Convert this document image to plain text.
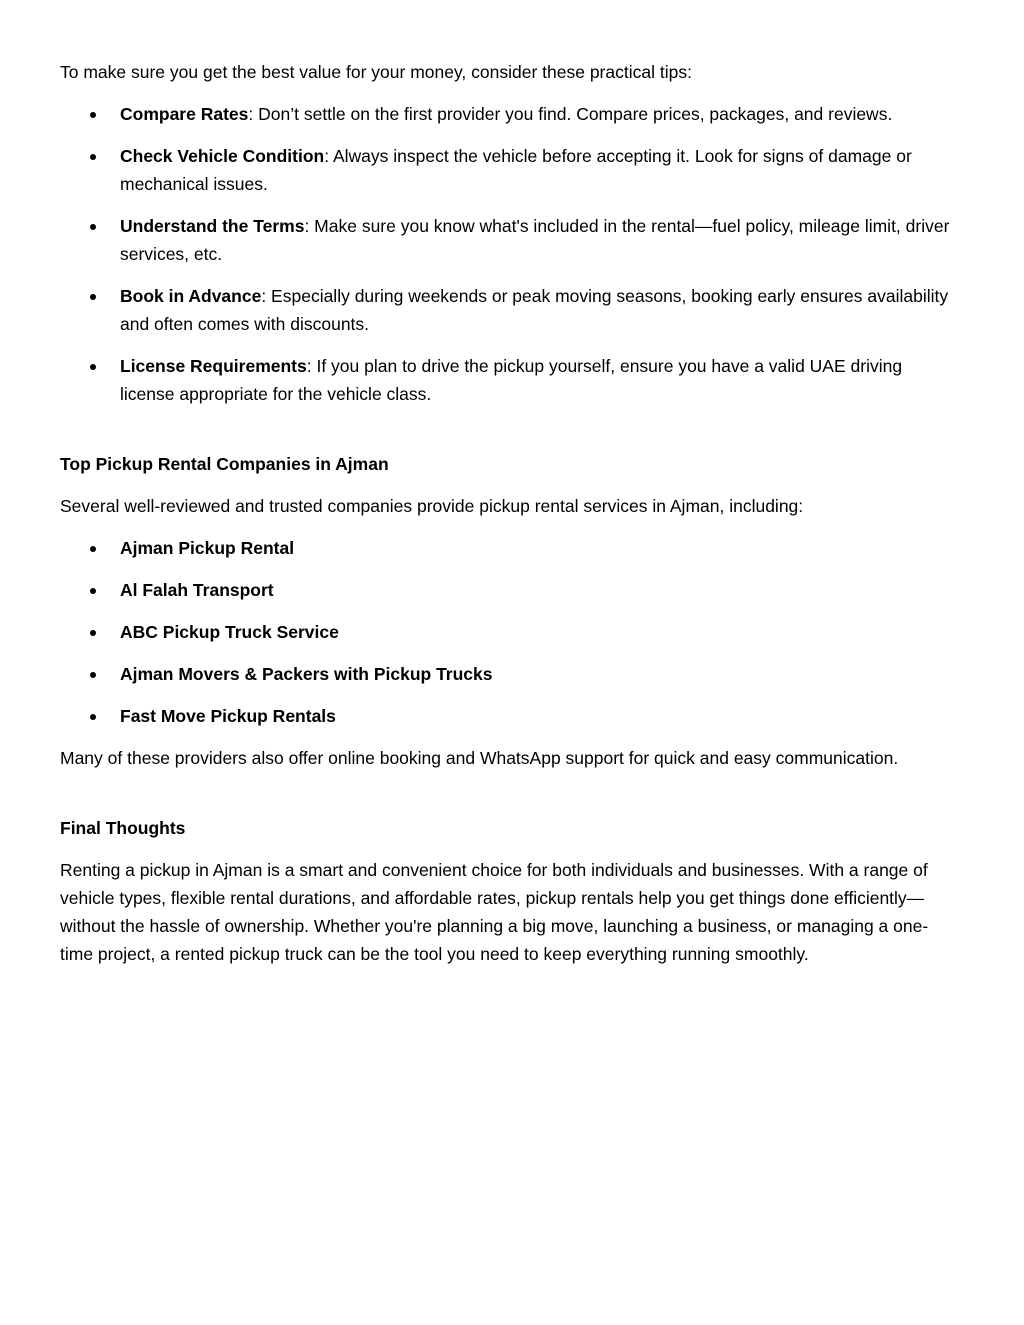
To make sure you get the best value for your money, consider these practical tips:

Compare Rates: Don’t settle on the first provider you find. Compare prices, packages, and reviews.
Check Vehicle Condition: Always inspect the vehicle before accepting it. Look for signs of damage or mechanical issues.
Understand the Terms: Make sure you know what's included in the rental—fuel policy, mileage limit, driver services, etc.
Book in Advance: Especially during weekends or peak moving seasons, booking early ensures availability and often comes with discounts.
License Requirements: If you plan to drive the pickup yourself, ensure you have a valid UAE driving license appropriate for the vehicle class.

Top Pickup Rental Companies in Ajman

Several well-reviewed and trusted companies provide pickup rental services in Ajman, including:

Ajman Pickup Rental
Al Falah Transport
ABC Pickup Truck Service
Ajman Movers & Packers with Pickup Trucks
Fast Move Pickup Rentals

Many of these providers also offer online booking and WhatsApp support for quick and easy communication.

Final Thoughts

Renting a pickup in Ajman is a smart and convenient choice for both individuals and businesses. With a range of vehicle types, flexible rental durations, and affordable rates, pickup rentals help you get things done efficiently—without the hassle of ownership. Whether you're planning a big move, launching a business, or managing a one-time project, a rented pickup truck can be the tool you need to keep everything running smoothly.
